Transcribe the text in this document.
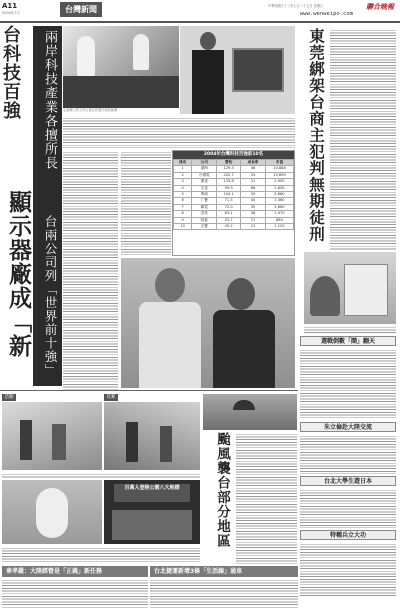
A11
2004年7月	台灣新聞	中華民國九十三年七月二十五日 星期日	聯合晚報
www.wenweipo.com
台科技百強
顯示器廠成「新
兩岸科技產業各擅所長
台兩公司列「世界前十強」
生產線上的工作人員正在進行產品檢測
2004年台灣科技百強前10名
排名	公司	營收	成長率	市值
1	鴻海	129.5	46	10,888
2	台積電	202.7	33	14,690
3	廣達	133.8	31	2,950
4	友達	99.3	66	2,830
5	華碩	104.1	29	2,660
6	仁寶	71.5	40	1,360
7	聯電	72.0	35	3,660
8	奇美	63.1	38	1,970
9	明碁	53.7	27	880
10	光寶	45.2	21	1,120	東莞綁架台商主犯判無期徒刑
選戰倒數「鬧」翻天
朱立倫赴大陸交流
台北大學生遊日本
特種兵立大功
活動	花絮
百萬人登陸公園八大地標	颱風襲台部分地區
章孝嚴：大陸經營是「正義」新任務	台北捷運新增3條「生活線」通車
